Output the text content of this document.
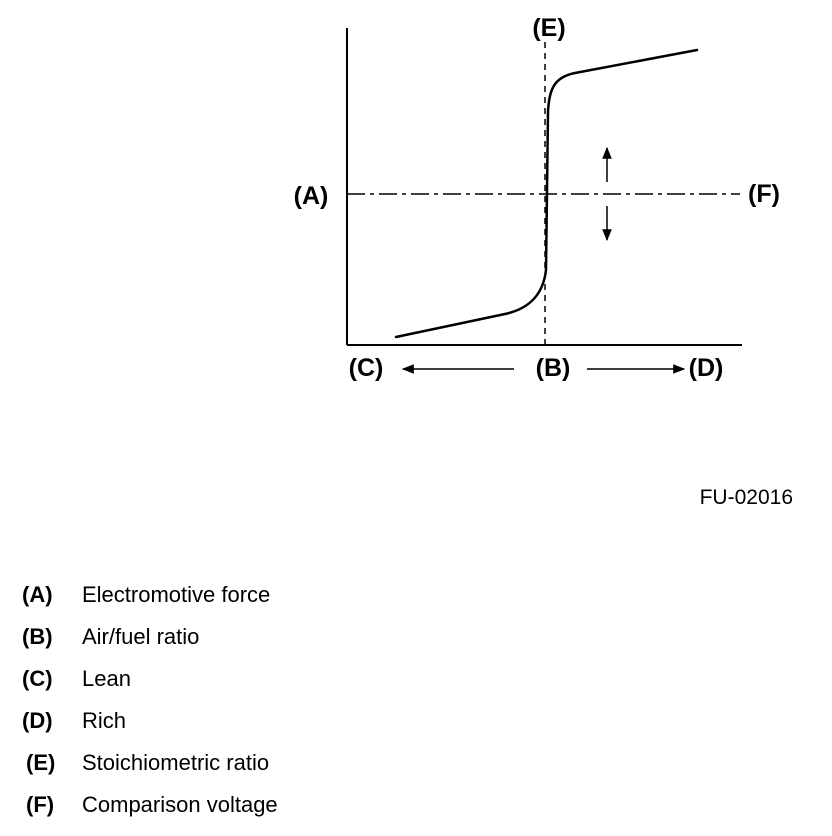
(E)
(A)	(F)
(C)	(B)	(D)
FU-02016
(A)	Electromotive force
(B)	Air/fuel ratio
(C)	Lean
(D)	Rich
(E)	Stoichiometric ratio
(F)	Comparison voltage
